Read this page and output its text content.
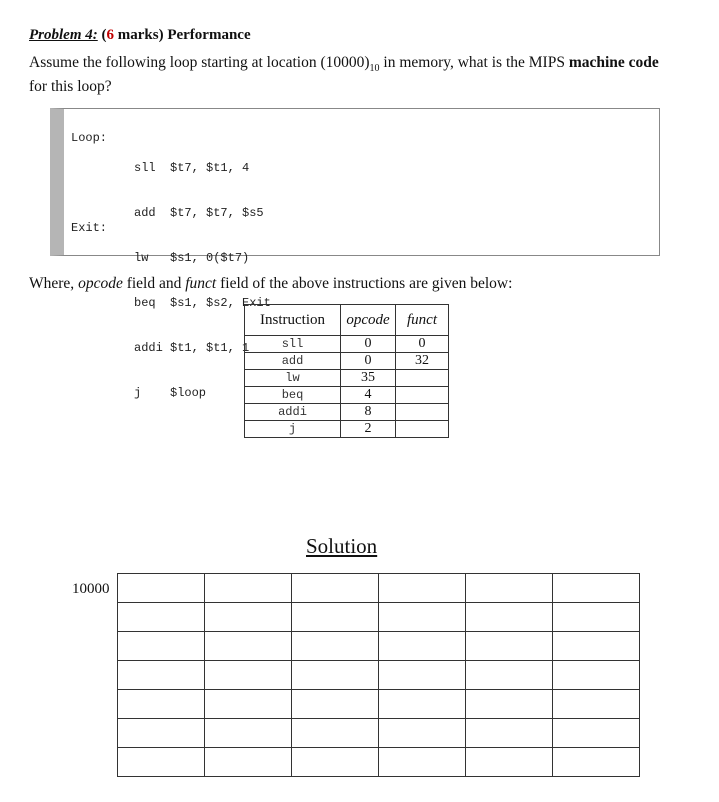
Problem 4: (6 marks) Performance
Assume the following loop starting at location $(10000)_{10}$ in memory, what is the MIPS machine code for this loop?
Loop:
Exit:

sll  $t7, $t1, 4

add  $t7, $t7, $s5

lw   $s1, 0($t7)

beq  $s1, $s2, Exit

addi $t1, $t1, 1

j    $loop

Where, opcode field and funct field of the above instructions are given below:
Instruction	opcode	funct
sll	0	0
add	0	32
lw	35	
beq	4	
addi	8	
j	2	
Solution
10000
